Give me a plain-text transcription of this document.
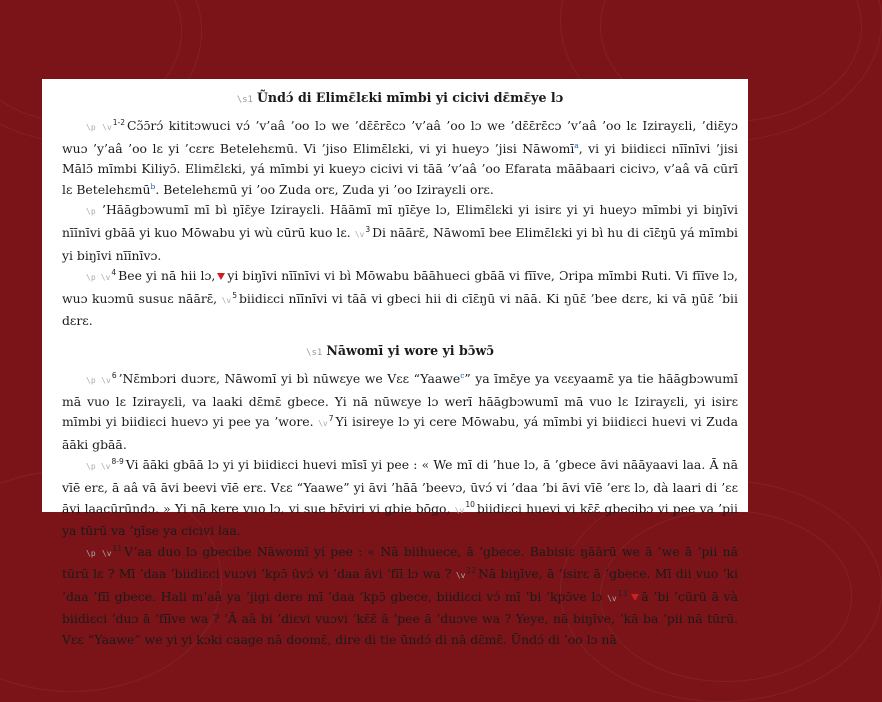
\s1 Ũndɔ́ di Elimɛ̄lɛki mīmbi yi cicivi dɛ̄mɛ̄ye lɔ

\p $\backslash v^{1-2}$ Cɔ̃ɔ̄rɔ́ kititɔwuci vɔ́ ’v’aâ ’oo lɔ we ’dɛ̄ɛ̄rɛ̄cɔ ’v’aâ ’oo lɔ we ’dɛ̄ɛ̄rɛ̄cɔ ’v’aâ ’oo lɛ Izirayɛli, ’diɛ̄yɔ wuɔ ’y’aâ ’oo lɛ yi ’cɛrɛ Betelehɛmū. Vi ’jiso Elimɛ̄lɛki, vi yi hueyɔ ’jisi Nāwomī$^a$, vi yi biidiɛci nīīnīvi ’jisi Mālɔ̄ mīmbi Kiliyɔ̄. Elimɛ̄lɛki, yá mīmbi yi kueyɔ cicivi vi tāā ’v’aâ ’oo Efarata māābaari cicivɔ, v’aâ vā cūrī lɛ Betelehɛmū$^b$. Betelehɛmū yi ’oo Zuda orɛ, Zuda yi ’oo Izirayɛli orɛ.

\p ’Hāāgbɔwumī mī bì ŋīɛ̄ye Izirayɛli. Hāāmī mī ŋīɛ̄ye lɔ, Elimɛ̄lɛki yi isirɛ yi yi hueyɔ mīmbi yi biŋīvi nīīnīvi gbāā yi kuo Mōwabu yi wù cūrū kuo lɛ. $\backslash v^3$ Di nāārɛ̄, Nāwomī bee Elimɛ̄lɛki yi bì hu di cīɛ̄ŋū yá mīmbi yi biŋīvi nīīnīvɔ.

\p $\backslash v^4$ Bee yi nā hii lɔ, yi biŋīvi nīīnīvi vi bì Mōwabu bāāhueci gbāā vi fīīve, Ɔripa mīmbi Ruti. Vi fīīve lɔ, wuɔ kuɔmū susuɛ nāārɛ̄, $\backslash v^5$ biidiɛci nīīnīvi vi tāā vi gbeci hii di cīɛ̄ŋū vi nāā. Ki ŋūɛ̄ ’bee dɛrɛ, ki vā ŋūɛ̄ ’bii dɛrɛ.

\s1 Nāwomī yi wore yi bɔ̄wɔ̄

\p $\backslash v^6$ ’Nɛ̄mbɔri duɔrɛ, Nāwomī yi bì nūwɛye we Vɛɛ “Yaawe$^c$” ya īmɛ̄ye ya vɛɛyaamɛ̄ ya tie hāāgbɔwumī mā vuo lɛ Izirayɛli, va laaki dɛ̄mɛ̄ gbece. Yi nā nūwɛye lɔ werī hāāgbɔwumī mā vuo lɛ Izirayɛli, yi isirɛ mīmbi yi biidiɛci huevɔ yi pee ya ’wore. $\backslash v^7$ Yi isireye lɔ yi cere Mōwabu, yá mīmbi yi biidiɛci huevi vi Zuda āāki gbāā.

\p $\backslash v^{8-9}$ Vi āāki gbāā lɔ yi yi biidiɛci huevi mīsī yi pee : « We mī di ’hue lɔ, ā ’gbece āvi nāāyaavi laa. Ā nā vīē erɛ, ā aâ vā āvi beevi vīē erɛ. Vɛɛ “Yaawe” yi āvi ’hāā ’beevɔ, ūvɔ́ vi ’daa ’bi āvi vīē ’erɛ lɔ, dà laari di ’ɛɛ āvi laacūrūndɔ. » Yi nā kere vuo lɔ, vi sue bɛ̄viri vi gbie bōgo, $\backslash v^{10}$ biidiɛci huevi vi kɛ̄ɛ̄ gbecibɔ vi pee va ’pii ya tūrū va ’ŋīse ya cicivi laa.

\p $\backslash v^{11}$ V’aa duo lɔ gbecibe Nāwomī yi pee : « Nā biihuece, ā ’gbece. Babisiɛ ŋāārū we ā ’we ā ’pii nā tūrū lɛ ? Mī ’daa ’biidiɛci vuɔvi ’kpɔ̄ ūvɔ́ vi ’daa āvi ’fīī lɔ wa ? $\backslash v^{12}$ Nā biŋīve, ā ’isirɛ ā ’gbece. Mī dii vuo ’ki ’daa ’fīī gbece. Hali m’aâ ya ’jigi dere mī ’daa ’kpɔ̄ gbece, biidiɛci vɔ́ mī ’bi ’kpɔ̄ve lɔ $\backslash v^{13}$ ā ’bi ’cūrū ā và biidiɛci ’duɔ ā ’fīīve wa ? ’Ā aâ bi ’diɛvi vuɔvi ’kɛ̄ɛ̄ ā ’pee ā ’duɔve wa ? Yeye, nā biŋīve, ’kā ba ’pii nā tūrū. Vɛɛ “Yaawe” we yi yi kɔki caage nā doomɛ̄, dire di tie ūndɔ́ di nā dɛ̄mɛ̄. Ūndɔ́ di ’oo lɔ nā
